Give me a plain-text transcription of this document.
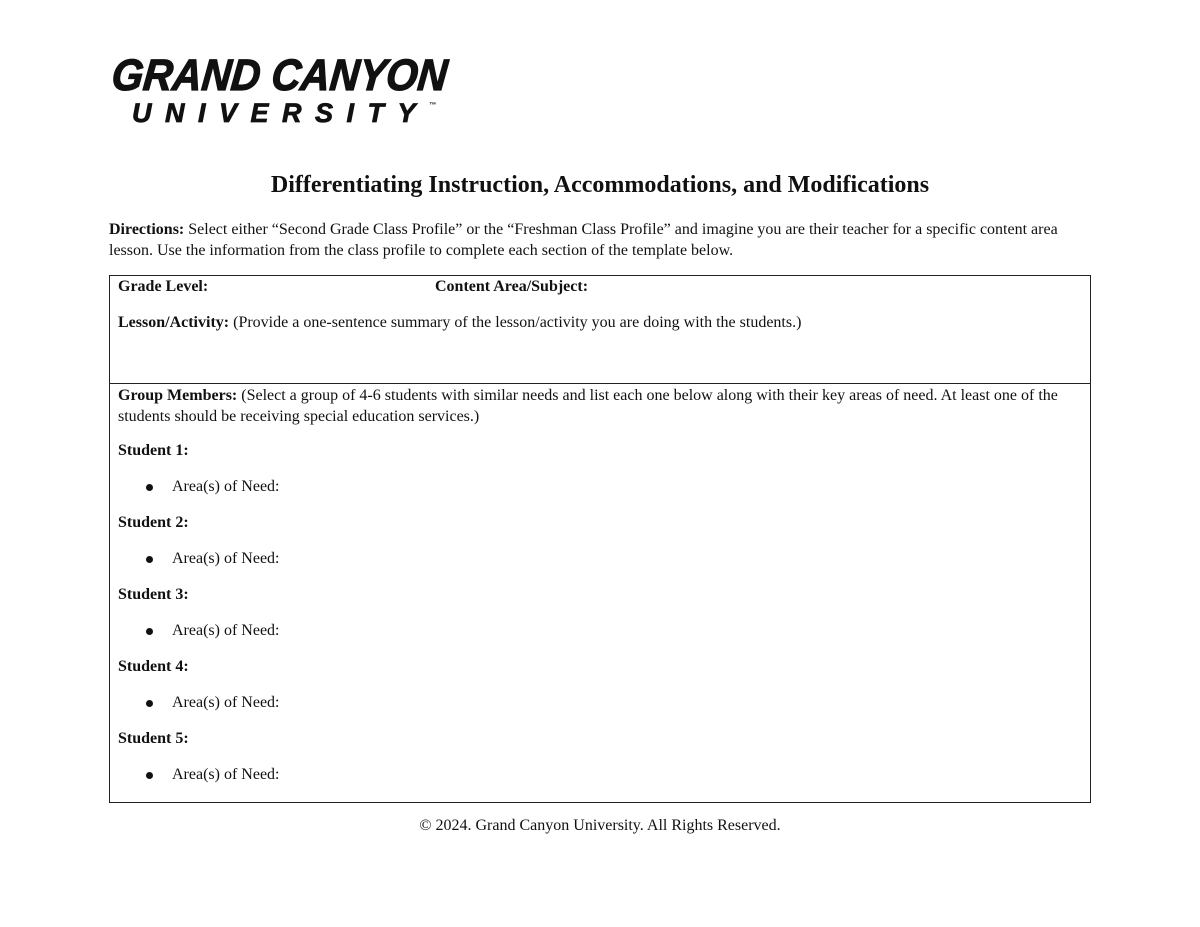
GRAND CANYON
UNIVERSITY™
Differentiating Instruction, Accommodations, and Modifications
Directions: Select either “Second Grade Class Profile” or the “Freshman Class Profile” and imagine you are their teacher for a specific content area lesson. Use the information from the class profile to complete each section of the template below.
Grade Level:	Content Area/Subject:
Lesson/Activity: (Provide a one-sentence summary of the lesson/activity you are doing with the students.)
Group Members: (Select a group of 4-6 students with similar needs and list each one below along with their key areas of need. At least one of the students should be receiving special education services.)
Student 1:
Area(s) of Need:
Student 2:
Area(s) of Need:
Student 3:
Area(s) of Need:
Student 4:
Area(s) of Need:
Student 5:
Area(s) of Need:
© 2024. Grand Canyon University. All Rights Reserved.
